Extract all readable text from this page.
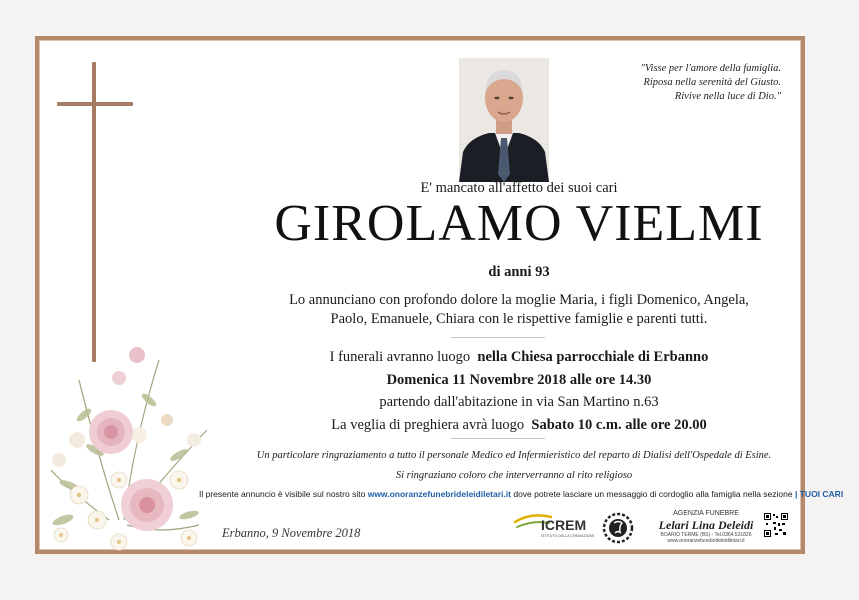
"Visse per l'amore della famiglia.
Riposa nella serenità del Giusto.
Rivive nella luce di Dio."
E' mancato all'affetto dei suoi cari
GIROLAMO VIELMI
di anni 93
Lo annunciano con profondo dolore la moglie Maria, i figli Domenico, Angela,
Paolo, Emanuele, Chiara con le rispettive famiglie e parenti tutti.
I funerali avranno luogo nella Chiesa parrocchiale di Erbanno
Domenica 11 Novembre 2018 alle ore 14.30
partendo dall'abitazione in via San Martino n.63
La veglia di preghiera avrà luogo Sabato 10 c.m. alle ore 20.00
Un particolare ringraziamento a tutto il personale Medico ed Infermieristico del reparto di Dialisi dell'Ospedale di Esine.
Si ringraziano coloro che interverranno al rito religioso
Il presente annuncio è visibile sul nostro sito www.onoranzefunebrideleidiletari.it dove potrete lasciare un messaggio di cordoglio alla famiglia nella sezione | TUOI CARI
Erbanno, 9 Novembre 2018	ICREM
ISTITUTO DELLA CREMAZIONE
AGENZIA FUNEBRE
Lelari Lina Deleidi
BOARIO TERME (BS) - Tel.0364.531826
www.onoranzefunebrideleidiletari.it
